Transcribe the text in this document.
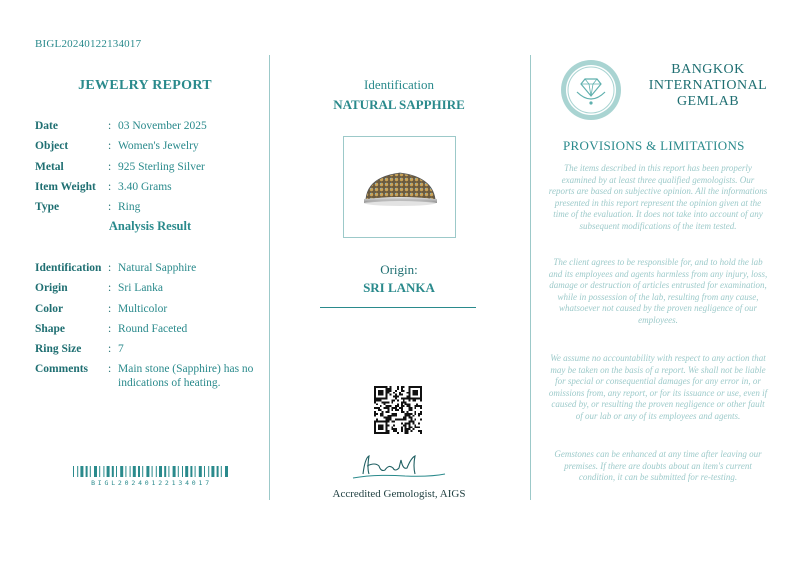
BIGL20240122134017
JEWELRY REPORT
Date	: 03 November 2025
Object	: Women's Jewelry
Metal	: 925 Sterling Silver
Item Weight	: 3.40 Grams
Type	: Ring
Analysis Result
Identification : Natural Sapphire
Origin	: Sri Lanka
Color	: Multicolor
Shape	: Round Faceted
Ring Size	: 7
Comments	: Main stone (Sapphire) has no indications of heating.
BIGL20240122134017
Identification
NATURAL SAPPHIRE
Origin:
SRI LANKA
Accredited Gemologist, AIGS
BANGKOK
INTERNATIONAL
GEMLAB
PROVISIONS & LIMITATIONS
The items described in this report has been properly examined by at least three qualified gemologists. Our reports are based on subjective opinion. All the informations presented in this report represent the opinion given at the time of the evaluation. It does not take into account of any subsequent modifications of the item tested.
The client agrees to be responsible for, and to hold the lab and its employees and agents harmless from any injury, loss, damage or destruction of articles entrusted for examination, while in possession of the lab, resulting from any cause, whatsoever not caused by the proven negligence of our employees.
We assume no accountability with respect to any action that may be taken on the basis of a report. We shall not be liable for special or consequential damages for any error in, or omissions from, any report, or for its issuance or use, even if caused by, or resulting the proven negligence or other fault of our lab or any of its employees and agents.
Gemstones can be enhanced at any time after leaving our premises. If there are doubts about an item's current condition, it can be submitted for re-testing.
